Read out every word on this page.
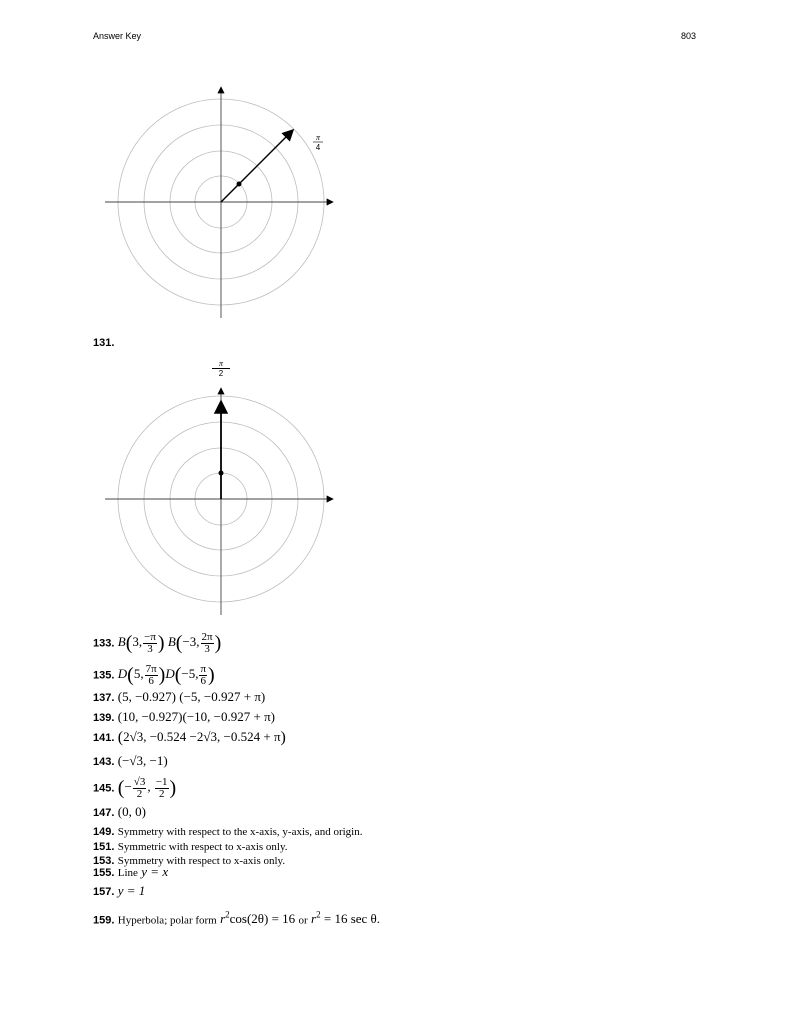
Answer Key	803
π
4
131.
$\frac{\pi}{2}$
133. B(3, $\frac{-\pi}{3}$ ) B(−3, $\frac{2\pi}{3}$ )
135. D(5, $\frac{7\pi}{6} )D(-5$, $\frac{\pi}{6}$ )
137. (5, −0.927) (−5, −0.927 + π)
139. (10, −0.927)(−10, −0.927 + π)
141. (2√3, −0.524 −2√3, −0.524 + π)
143. (−√3, −1)
145. (− $\frac{√3}{2}$ , $\frac{-1}{2}$ )
147. (0, 0)
149. Symmetry with respect to the x-axis, y-axis, and origin.
151. Symmetric with respect to x-axis only.
153. Symmetry with respect to x-axis only.
155. Line y = x
157. y = 1
159. Hyperbola; polar form $r^2\cos(2\theta) = 16$ or $r^2 = 16$ sec θ.
